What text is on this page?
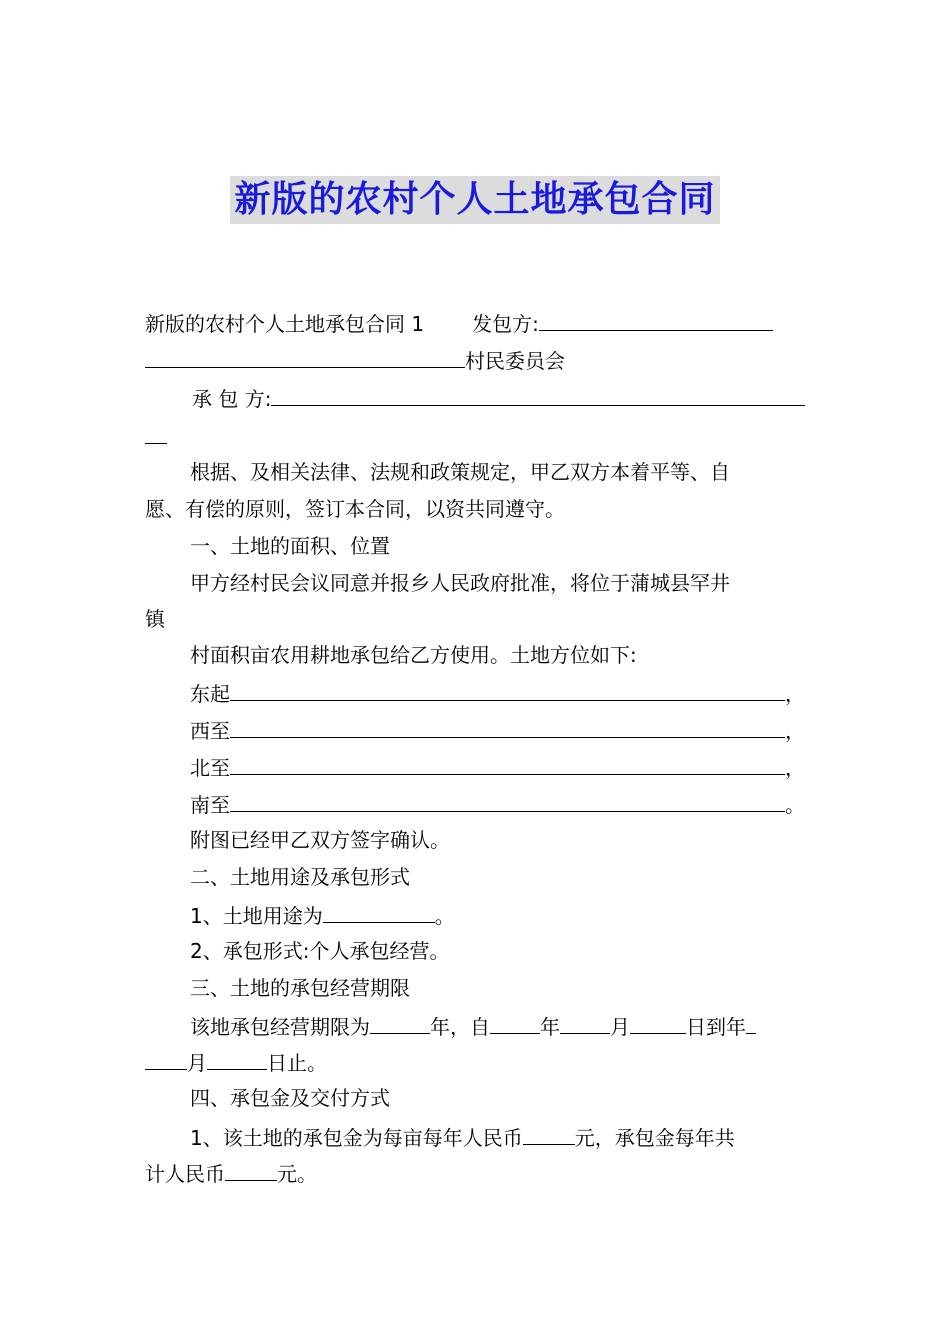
新版的农村个人土地承包合同
新版的农村个人土地承包合同 1 发包方:
村民委员会
承 包 方:
根据、及相关法律、法规和政策规定，甲乙双方本着平等、自
愿、有偿的原则，签订本合同，以资共同遵守。
一、土地的面积、位置
甲方经村民会议同意并报乡人民政府批准，将位于蒲城县罕井
镇
村面积亩农用耕地承包给乙方使用。土地方位如下:
东起	，
西至	，
北至	，
南至	。
附图已经甲乙双方签字确认。
二、土地用途及承包形式
1、土地用途为	。
2、承包形式:个人承包经营。
三、土地的承包经营期限
该地承包经营期限为	年，自	年	月	日到年
月	日止。
四、承包金及交付方式
1、该土地的承包金为每亩每年人民币	元，承包金每年共
计人民币	元。
